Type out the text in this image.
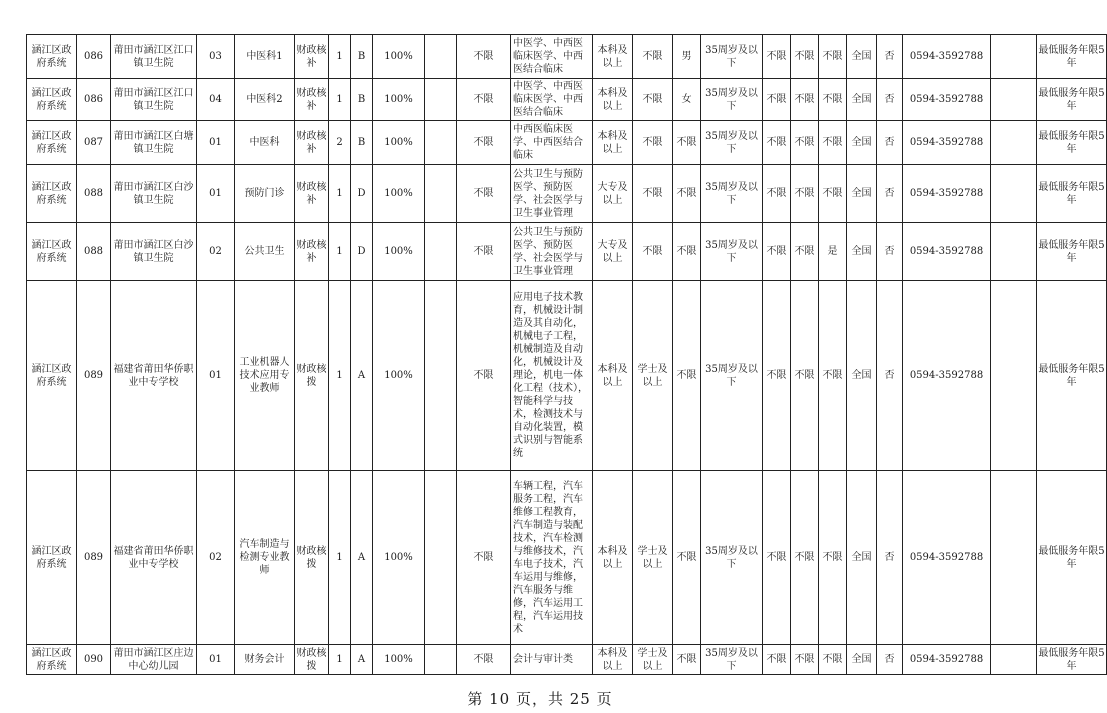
涵江区政府系统	086	莆田市涵江区江口镇卫生院	03	中医科1	财政核补	1	B	100%		不限	中医学、中西医临床医学、中西医结合临床	本科及以上	不限	男	35周岁及以下	不限	不限	不限	全国	否	0594-3592788		最低服务年限5年
涵江区政府系统	086	莆田市涵江区江口镇卫生院	04	中医科2	财政核补	1	B	100%		不限	中医学、中西医临床医学、中西医结合临床	本科及以上	不限	女	35周岁及以下	不限	不限	不限	全国	否	0594-3592788		最低服务年限5年
涵江区政府系统	087	莆田市涵江区白塘镇卫生院	01	中医科	财政核补	2	B	100%		不限	中西医临床医学、中西医结合临床	本科及以上	不限	不限	35周岁及以下	不限	不限	不限	全国	否	0594-3592788		最低服务年限5年
涵江区政府系统	088	莆田市涵江区白沙镇卫生院	01	预防门诊	财政核补	1	D	100%		不限	公共卫生与预防医学、预防医学、社会医学与卫生事业管理	大专及以上	不限	不限	35周岁及以下	不限	不限	不限	全国	否	0594-3592788		最低服务年限5年
涵江区政府系统	088	莆田市涵江区白沙镇卫生院	02	公共卫生	财政核补	1	D	100%		不限	公共卫生与预防医学、预防医学、社会医学与卫生事业管理	大专及以上	不限	不限	35周岁及以下	不限	不限	是	全国	否	0594-3592788		最低服务年限5年
涵江区政府系统	089	福建省莆田华侨职业中专学校	01	工业机器人技术应用专业教师	财政核拨	1	A	100%		不限	应用电子技术教育，机械设计制造及其自动化，机械电子工程，机械制造及自动化，机械设计及理论，机电一体化工程（技术），智能科学与技术，检测技术与自动化装置，模式识别与智能系统	本科及以上	学士及以上	不限	35周岁及以下	不限	不限	不限	全国	否	0594-3592788		最低服务年限5年
涵江区政府系统	089	福建省莆田华侨职业中专学校	02	汽车制造与检测专业教师	财政核拨	1	A	100%		不限	车辆工程，汽车服务工程，汽车维修工程教育，汽车制造与装配技术，汽车检测与维修技术，汽车电子技术，汽车运用与维修，汽车服务与维修，汽车运用工程，汽车运用技术	本科及以上	学士及以上	不限	35周岁及以下	不限	不限	不限	全国	否	0594-3592788		最低服务年限5年
涵江区政府系统	090	莆田市涵江区庄边中心幼儿园	01	财务会计	财政核拨	1	A	100%		不限	会计与审计类	本科及以上	学士及以上	不限	35周岁及以下	不限	不限	不限	全国	否	0594-3592788		最低服务年限5年
第 10 页，共 25 页
